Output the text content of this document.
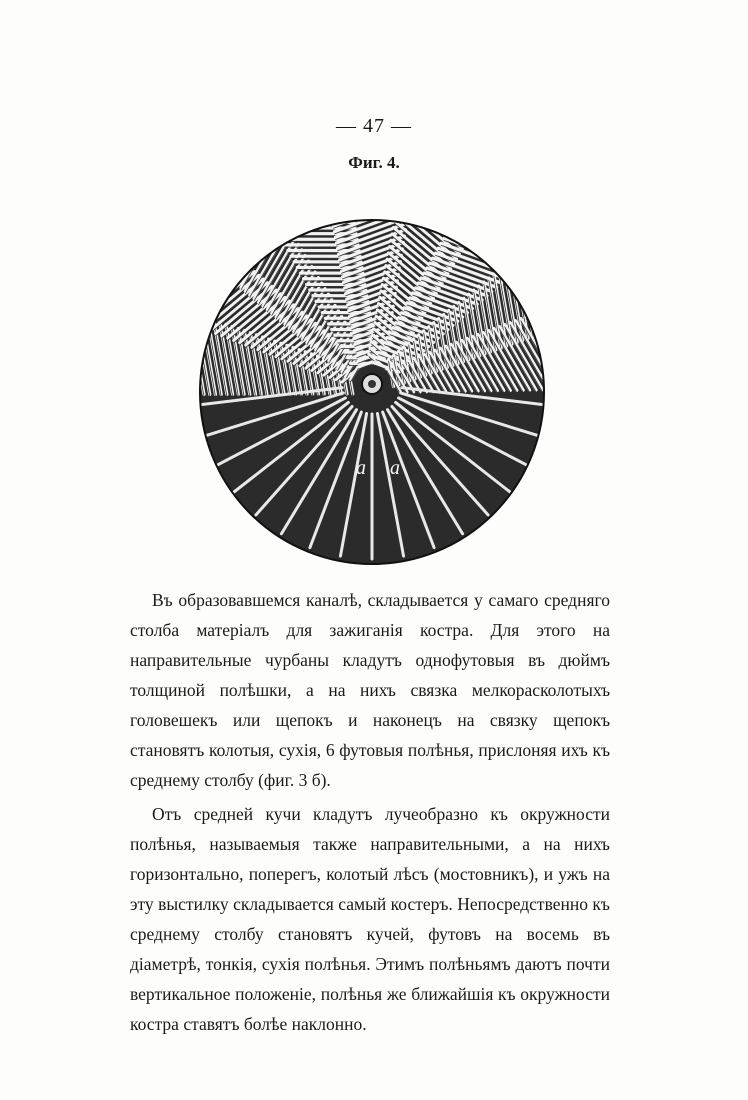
— 47 —
Фиг. 4.
a a

Въ образовавшемся каналѣ, складывается у самаго средняго столба матеріалъ для зажиганія костра. Для этого на направительные чурбаны кладутъ однофутовыя въ дюймъ толщиной полѣшки, а на нихъ связка мелкорасколотыхъ головешекъ или щепокъ и наконецъ на связку щепокъ становятъ колотыя, сухія, 6 футовыя полѣнья, прислоняя ихъ къ среднему столбу (фиг. 3 б).

Отъ средней кучи кладутъ лучеобразно къ окружности полѣнья, называемыя также направительными, а на нихъ горизонтально, поперегъ, колотый лѣсъ (мостовникъ), и ужъ на эту выстилку складывается самый костеръ. Непосредственно къ среднему столбу становятъ кучей, футовъ на восемь въ діаметрѣ, тонкія, сухія полѣнья. Этимъ полѣньямъ даютъ почти вертикальное положеніе, полѣнья же ближайшія къ окружности костра ставятъ болѣе наклонно.
